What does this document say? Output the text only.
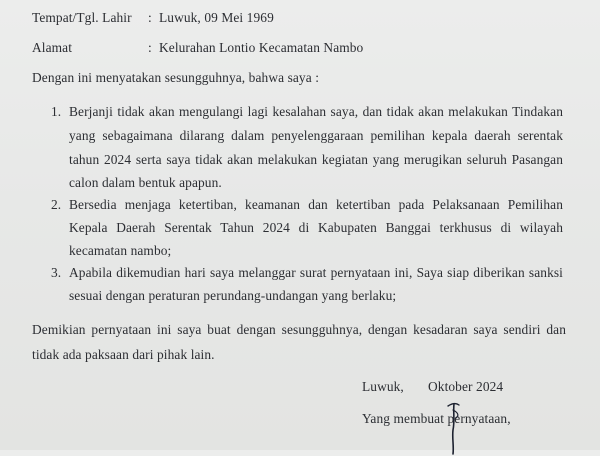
Tempat/Tgl. Lahir : Luwuk, 09 Mei 1969
Alamat	: Kelurahan Lontio Kecamatan Nambo
Dengan ini menyatakan sesungguhnya, bahwa saya :
1. Berjanji tidak akan mengulangi lagi kesalahan saya, dan tidak akan melakukan Tindakan
yang sebagaimana dilarang dalam penyelenggaraan pemilihan kepala daerah serentak
tahun 2024 serta saya tidak akan melakukan kegiatan yang merugikan seluruh Pasangan
calon dalam bentuk apapun.
2. Bersedia menjaga ketertiban, keamanan dan ketertiban pada Pelaksanaan Pemilihan
Kepala Daerah Serentak Tahun 2024 di Kabupaten Banggai terkhusus di wilayah
kecamatan nambo;
3. Apabila dikemudian hari saya melanggar surat pernyataan ini, Saya siap diberikan sanksi
sesuai dengan peraturan perundang-undangan yang berlaku;
Demikian pernyataan ini saya buat dengan sesungguhnya, dengan kesadaran saya sendiri dan
tidak ada paksaan dari pihak lain.
Luwuk, Oktober 2024
Yang membuat pernyataan,
